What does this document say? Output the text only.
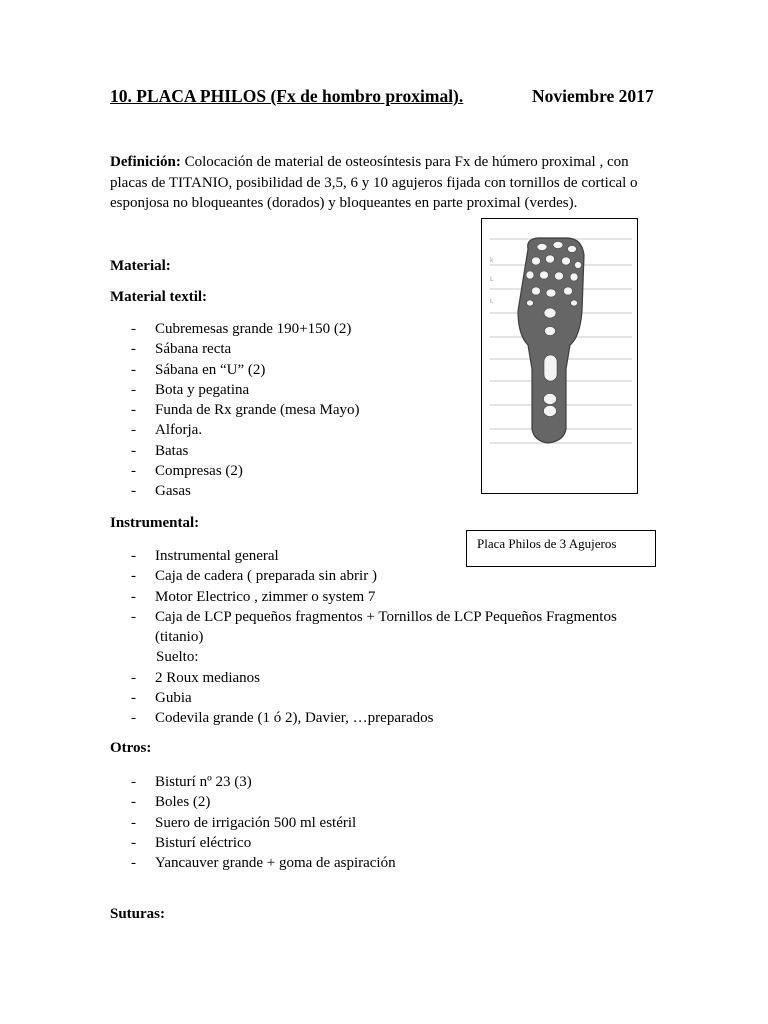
10. PLACA PHILOS (Fx de hombro proximal).	Noviembre 2017
Definición: Colocación de material de osteosíntesis para Fx de húmero proximal , con placas de TITANIO, posibilidad de 3,5, 6 y 10 agujeros fijada con tornillos de cortical o esponjosa no bloqueantes (dorados) y bloqueantes en parte proximal (verdes).
Material:
Material textil:
- Cubremesas grande 190+150 (2)
- Sábana recta
- Sábana en “U” (2)
- Bota y pegatina
- Funda de Rx grande (mesa Mayo)
- Alforja.
- Batas
- Compresas (2)
- Gasas
Instrumental:
- Instrumental general
- Caja de cadera ( preparada sin abrir )
- Motor Electrico , zimmer o system 7
- Caja de LCP pequeños fragmentos + Tornillos de LCP Pequeños Fragmentos (titanio)
Suelto:
- 2 Roux medianos
- Gubia
- Codevila grande (1 ó 2), Davier, …preparados
Otros:
- Bisturí nº 23 (3)
- Boles (2)
- Suero de irrigación 500 ml estéril
- Bisturí eléctrico
- Yancauver grande + goma de aspiración
Suturas:
k
L
I.
Placa Philos de 3 Agujeros
